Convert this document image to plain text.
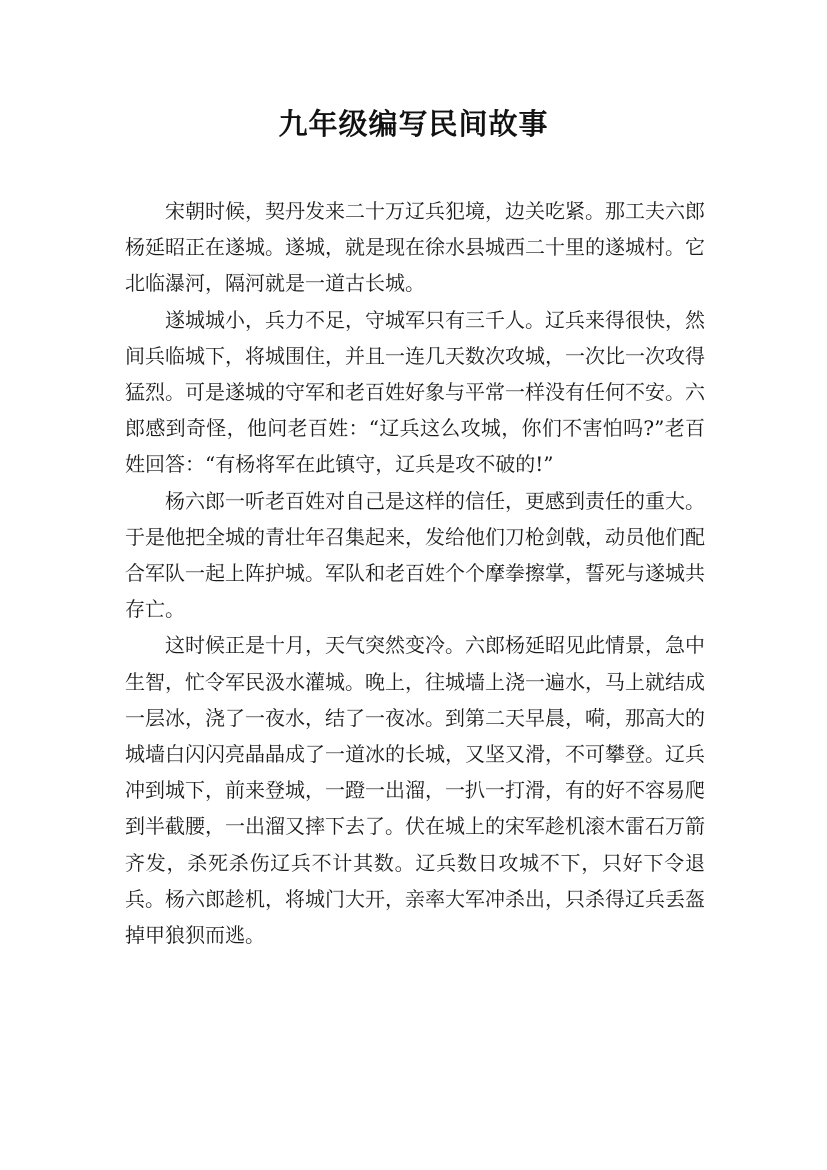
九年级编写民间故事

宋朝时候，契丹发来二十万辽兵犯境，边关吃紧。那工夫六郎杨延昭正在遂城。遂城，就是现在徐水县城西二十里的遂城村。它北临瀑河，隔河就是一道古长城。

遂城城小，兵力不足，守城军只有三千人。辽兵来得很快，然间兵临城下，将城围住，并且一连几天数次攻城，一次比一次攻得猛烈。可是遂城的守军和老百姓好象与平常一样没有任何不安。六郎感到奇怪，他问老百姓：“辽兵这么攻城，你们不害怕吗?”老百姓回答：“有杨将军在此镇守，辽兵是攻不破的!”

杨六郎一听老百姓对自己是这样的信任，更感到责任的重大。于是他把全城的青壮年召集起来，发给他们刀枪剑戟，动员他们配合军队一起上阵护城。军队和老百姓个个摩拳擦掌，誓死与遂城共存亡。

这时候正是十月，天气突然变冷。六郎杨延昭见此情景，急中生智，忙令军民汲水灌城。晚上，往城墙上浇一遍水，马上就结成一层冰，浇了一夜水，结了一夜冰。到第二天早晨，嗬，那高大的城墙白闪闪亮晶晶成了一道冰的长城，又坚又滑，不可攀登。辽兵冲到城下，前来登城，一蹬一出溜，一扒一打滑，有的好不容易爬到半截腰，一出溜又摔下去了。伏在城上的宋军趁机滚木雷石万箭齐发，杀死杀伤辽兵不计其数。辽兵数日攻城不下，只好下令退兵。杨六郎趁机，将城门大开，亲率大军冲杀出，只杀得辽兵丢盔掉甲狼狈而逃。
